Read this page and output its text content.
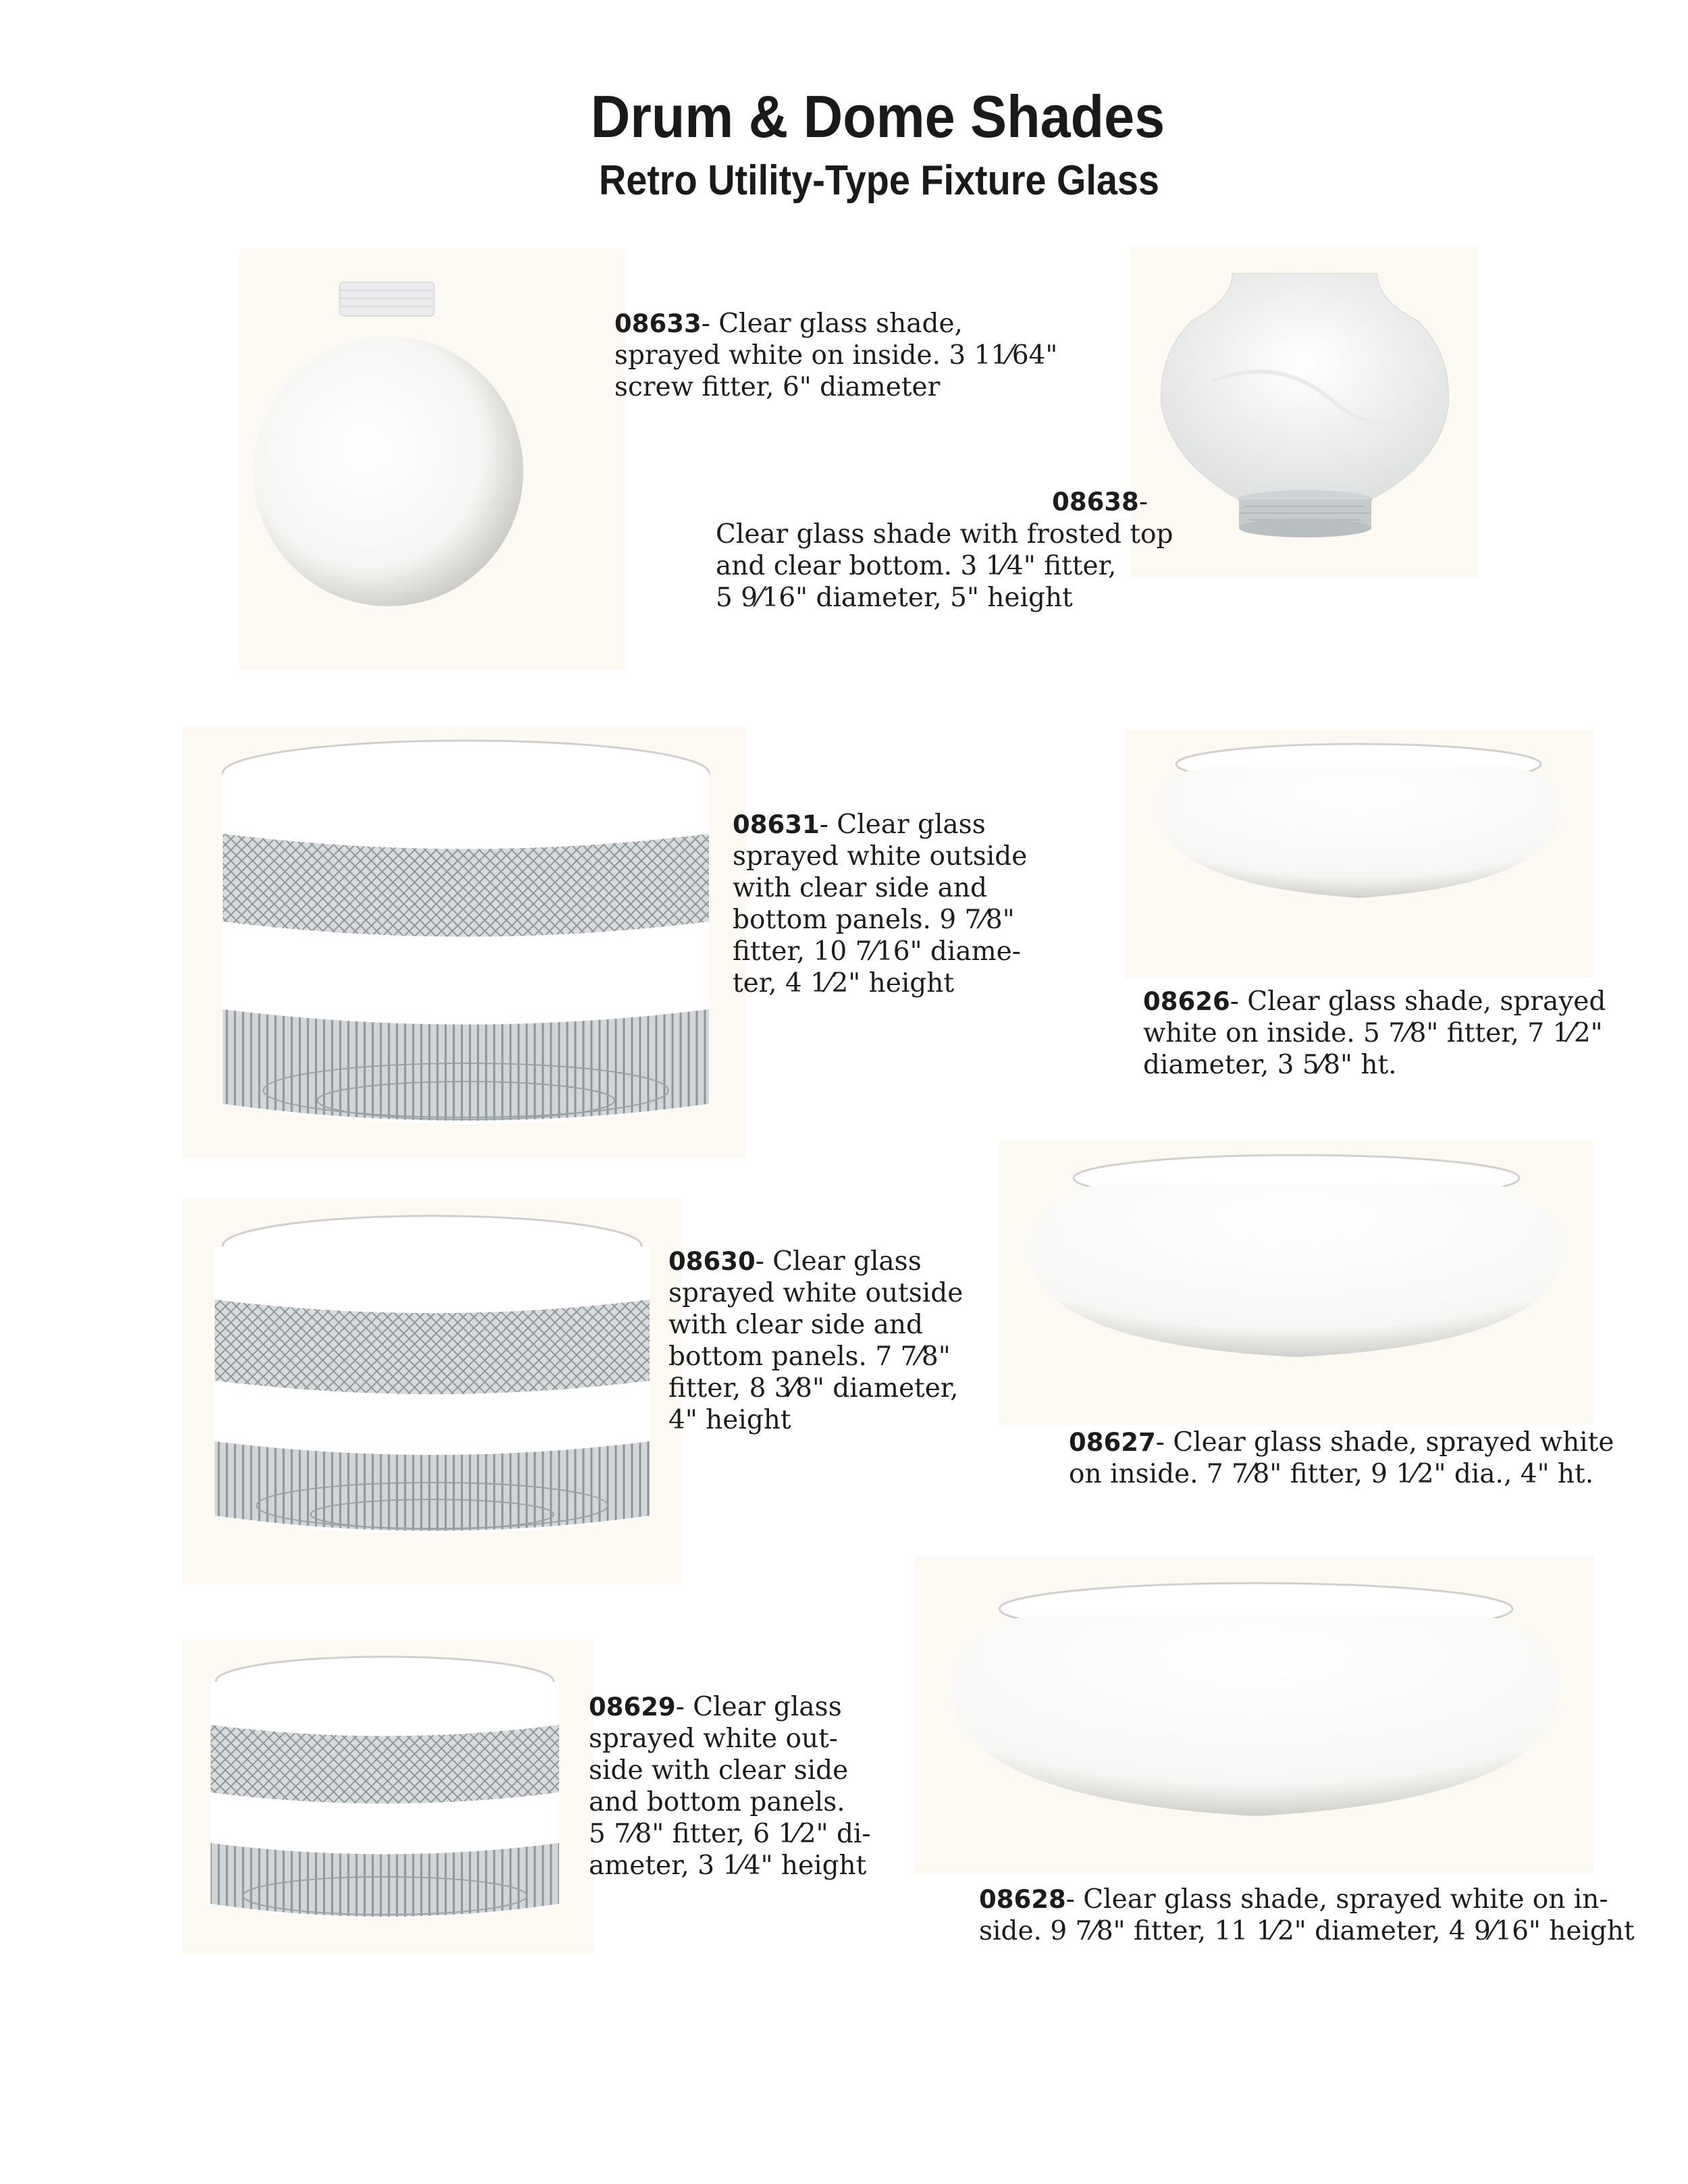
Drum & Dome Shades
Retro Utility-Type Fixture Glass
08633- Clear glass shade,
sprayed white on inside. 3 11⁄64"
screw fitter, 6" diameter
08638-
Clear glass shade with frosted top
and clear bottom. 3 1⁄4" fitter,
5 9⁄16" diameter, 5" height
08631- Clear glass
sprayed white outside
with clear side and
bottom panels. 9 7⁄8"
fitter, 10 7⁄16" diame-
ter, 4 1⁄2" height
08626- Clear glass shade, sprayed
white on inside. 5 7⁄8" fitter, 7 1⁄2"
diameter, 3 5⁄8" ht.
08630- Clear glass
sprayed white outside
with clear side and
bottom panels. 7 7⁄8"
fitter, 8 3⁄8" diameter,
4" height
08627- Clear glass shade, sprayed white
on inside. 7 7⁄8" fitter, 9 1⁄2" dia., 4" ht.
08629- Clear glass
sprayed white out-
side with clear side
and bottom panels.
5 7⁄8" fitter, 6 1⁄2" di-
ameter, 3 1⁄4" height
08628- Clear glass shade, sprayed white on in-
side. 9 7⁄8" fitter, 11 1⁄2" diameter, 4 9⁄16" height
